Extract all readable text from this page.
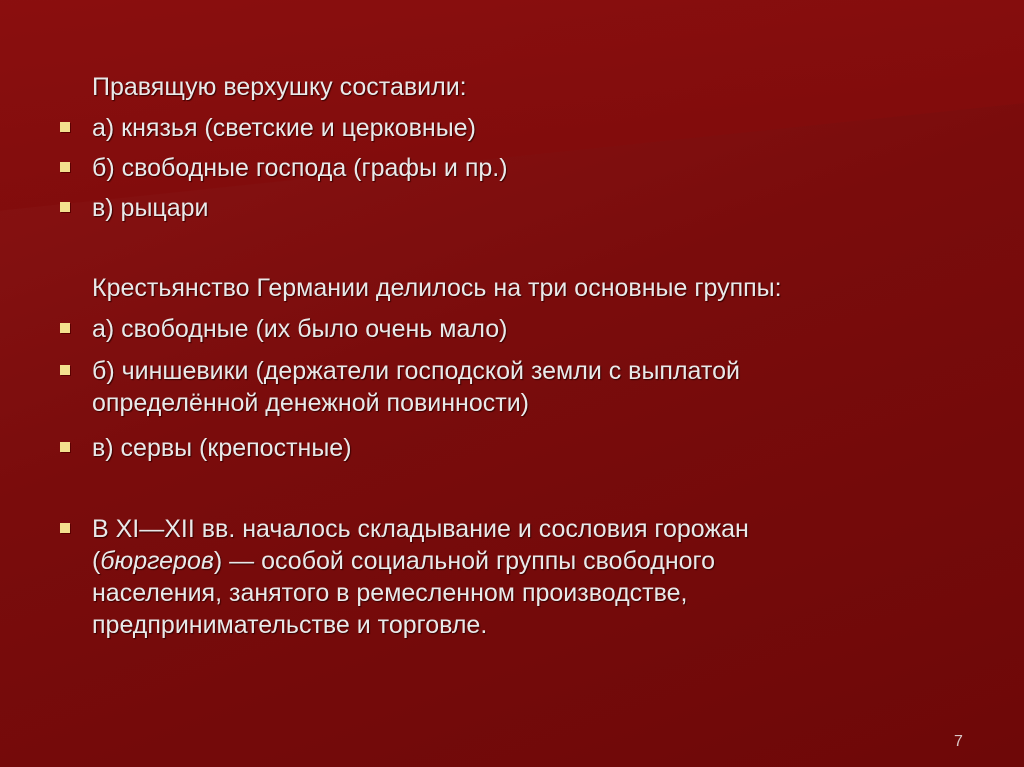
Правящую верхушку составили:
а) князья (светские и церковные)
б) свободные господа (графы и пр.)
в) рыцари
Крестьянство Германии делилось на три основные группы:
а) свободные (их было очень мало)
б) чиншевики (держатели господской земли с выплатой
определённой денежной повинности)
в) сервы (крепостные)
В XI—XII вв. началось складывание и сословия горожан
(бюргеров) — особой социальной группы свободного
населения, занятого в ремесленном производстве,
предпринимательстве и торговле.
7
